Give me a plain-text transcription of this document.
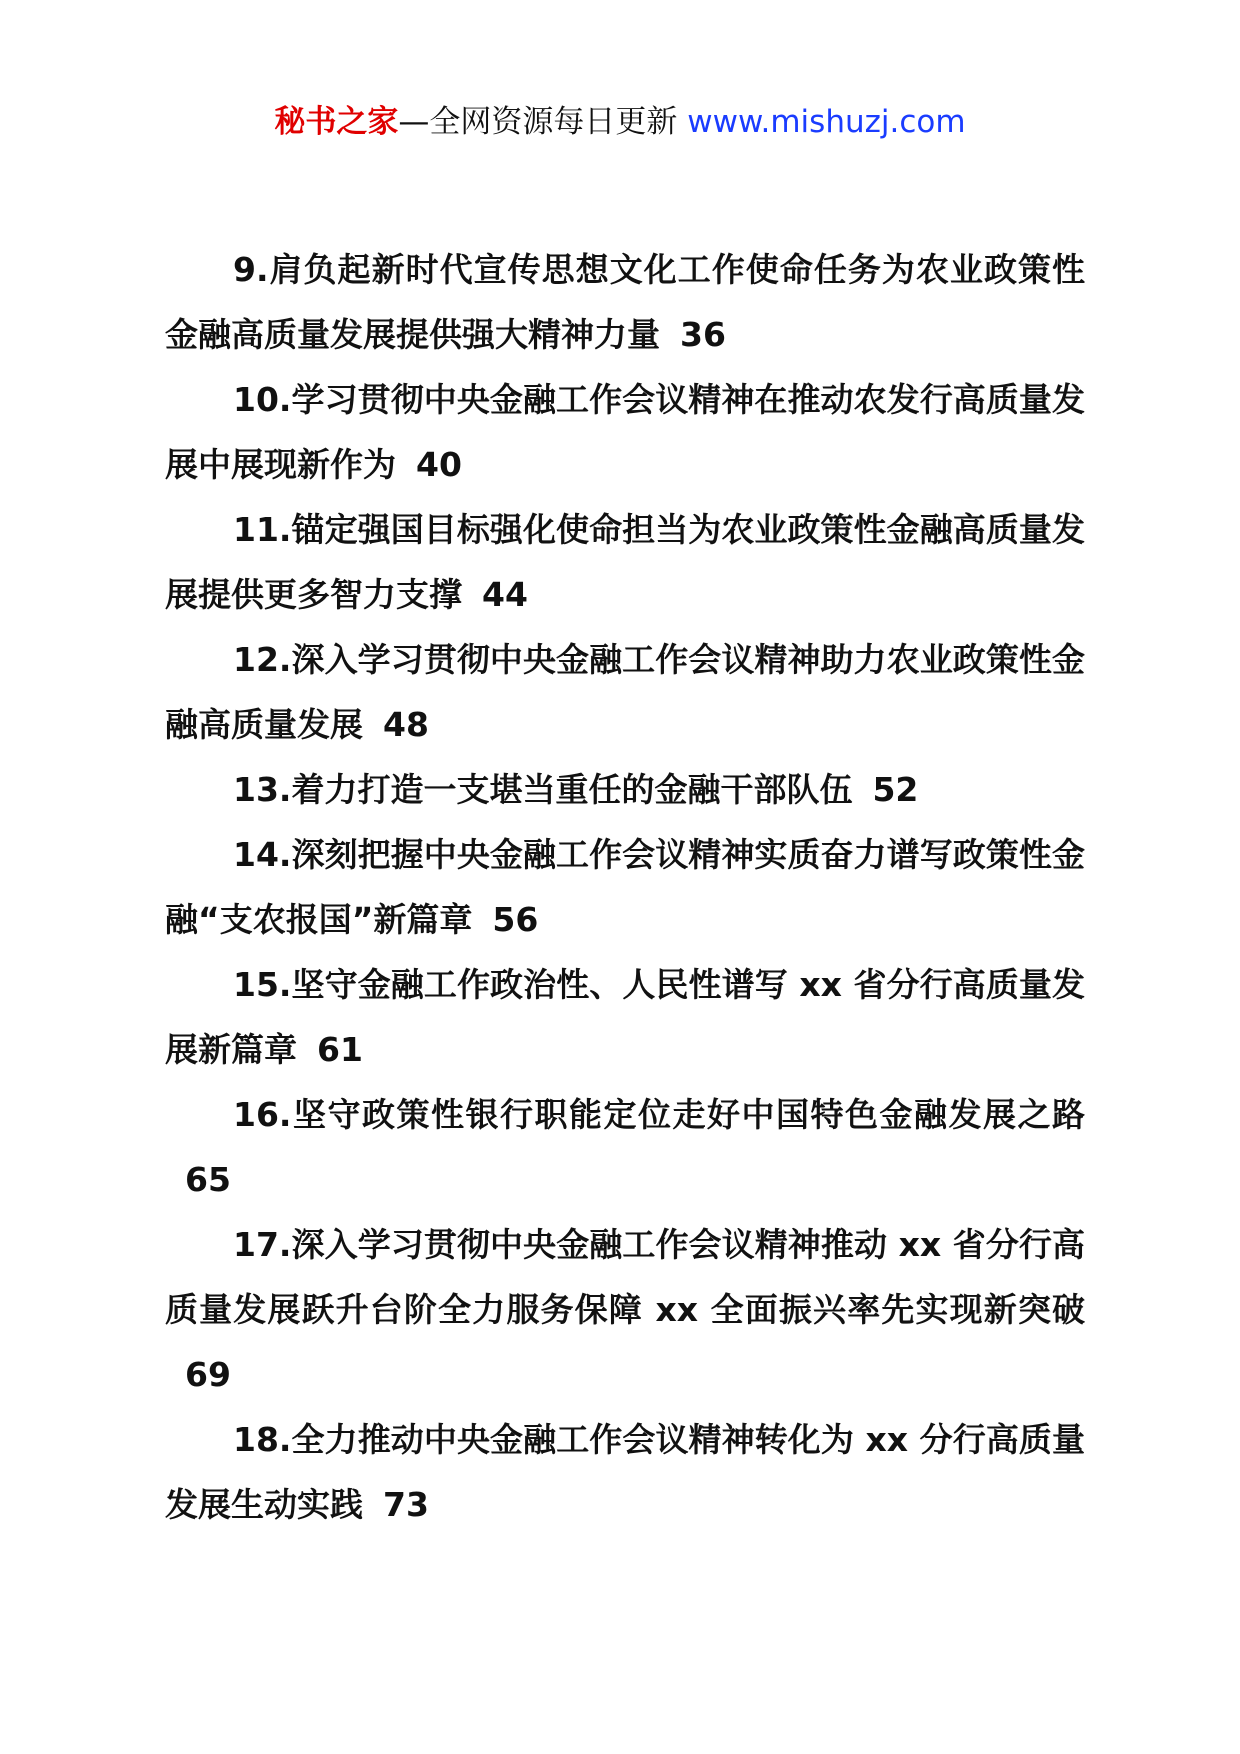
秘书之家—全网资源每日更新 www.mishuzj.com

9.肩负起新时代宣传思想文化工作使命任务为农业政策性金融高质量发展提供强大精神力量 36

10.学习贯彻中央金融工作会议精神在推动农发行高质量发展中展现新作为 40

11.锚定强国目标强化使命担当为农业政策性金融高质量发展提供更多智力支撑 44

12.深入学习贯彻中央金融工作会议精神助力农业政策性金融高质量发展 48

13.着力打造一支堪当重任的金融干部队伍 52

14.深刻把握中央金融工作会议精神实质奋力谱写政策性金融“支农报国”新篇章 56

15.坚守金融工作政治性、人民性谱写 xx 省分行高质量发展新篇章 61

16.坚守政策性银行职能定位走好中国特色金融发展之路65

17.深入学习贯彻中央金融工作会议精神推动 xx 省分行高质量发展跃升台阶全力服务保障 xx 全面振兴率先实现新突破69

18.全力推动中央金融工作会议精神转化为 xx 分行高质量发展生动实践 73
